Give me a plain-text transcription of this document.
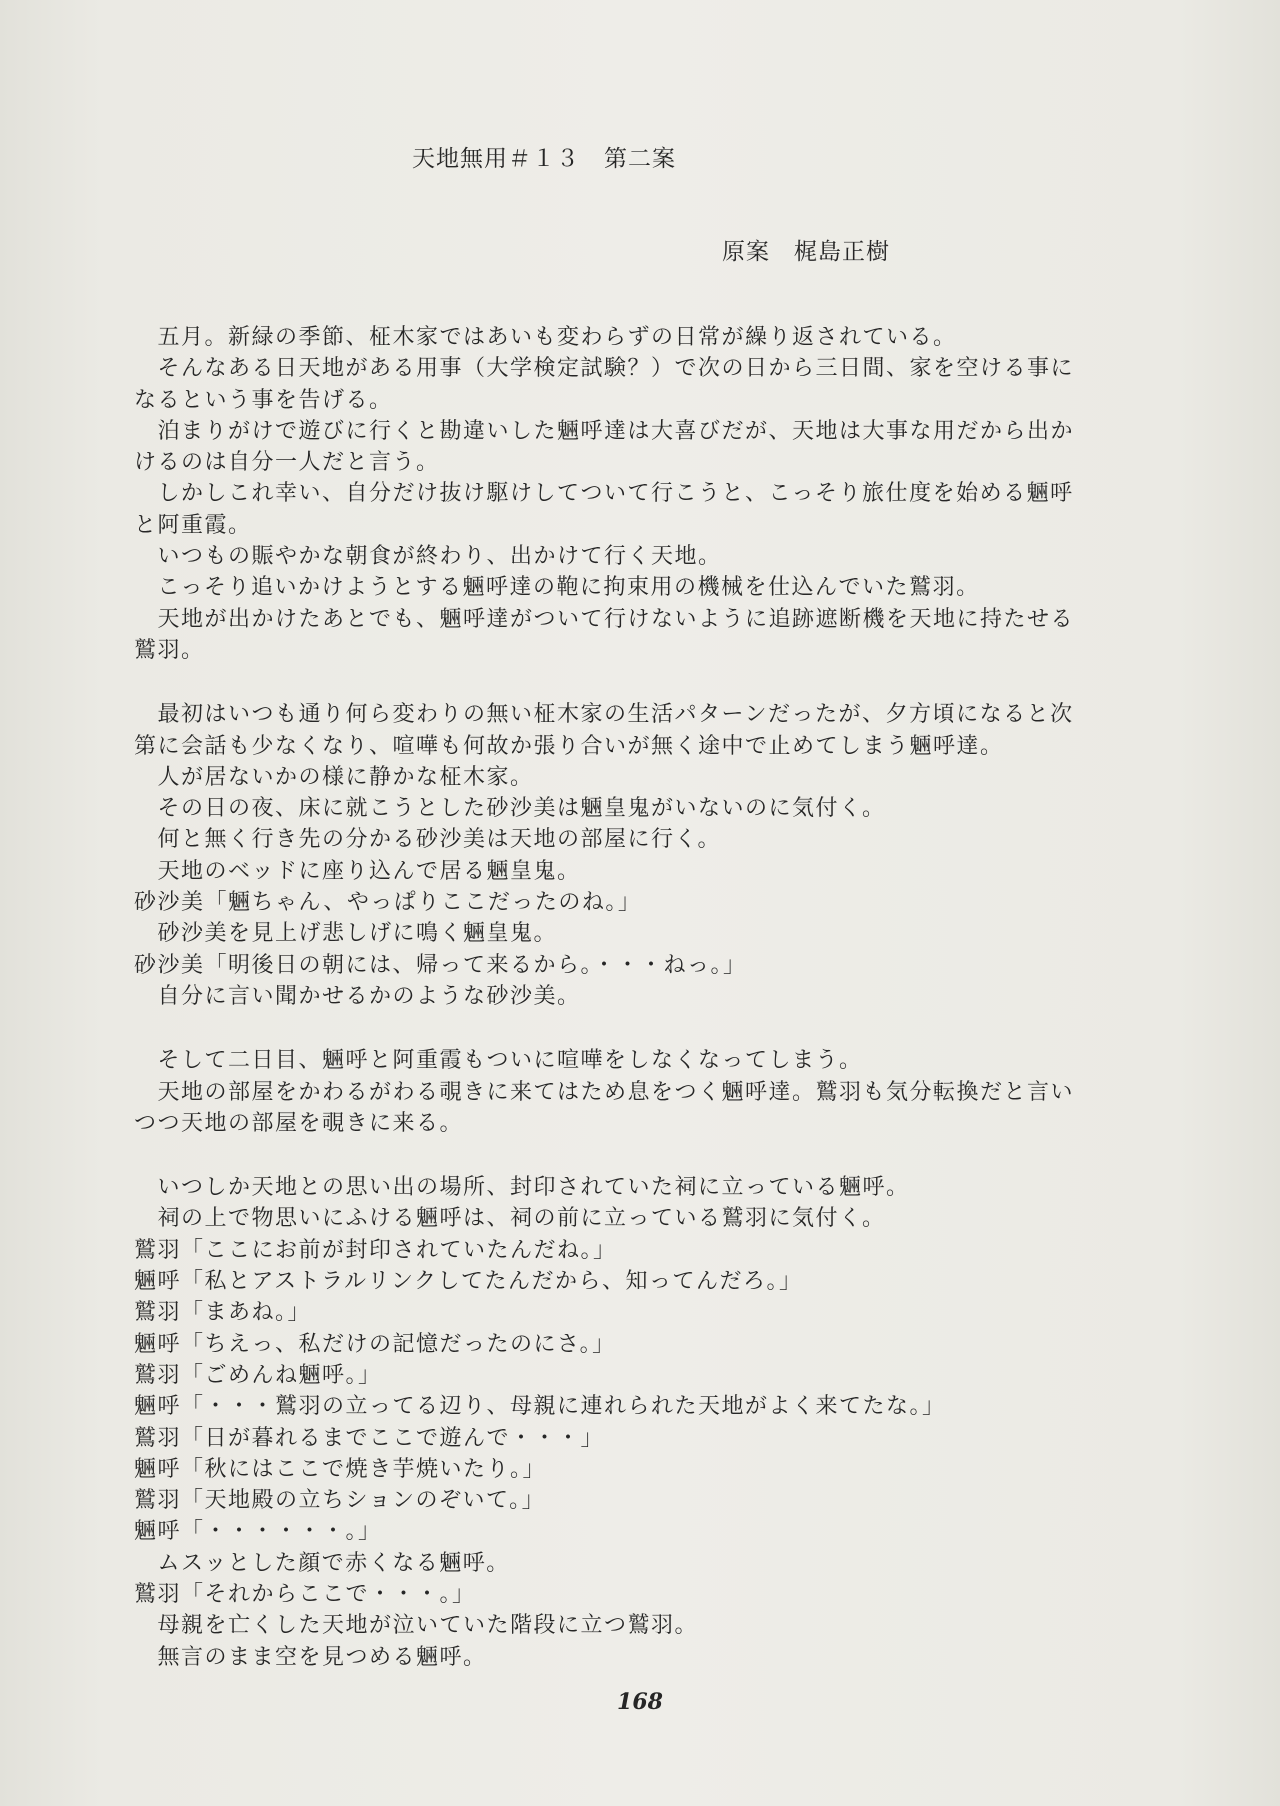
天地無用＃１３　第二案
原案　梶島正樹
　五月。新緑の季節、柾木家ではあいも変わらずの日常が繰り返されている。
　そんなある日天地がある用事（大学検定試験？）で次の日から三日間、家を空ける事に
なるという事を告げる。
　泊まりがけで遊びに行くと勘違いした魎呼達は大喜びだが、天地は大事な用だから出か
けるのは自分一人だと言う。
　しかしこれ幸い、自分だけ抜け駆けしてついて行こうと、こっそり旅仕度を始める魎呼
と阿重霞。
　いつもの賑やかな朝食が終わり、出かけて行く天地。
　こっそり追いかけようとする魎呼達の鞄に拘束用の機械を仕込んでいた鷲羽。
　天地が出かけたあとでも、魎呼達がついて行けないように追跡遮断機を天地に持たせる
鷲羽。
　最初はいつも通り何ら変わりの無い柾木家の生活パターンだったが、夕方頃になると次
第に会話も少なくなり、喧嘩も何故か張り合いが無く途中で止めてしまう魎呼達。
　人が居ないかの様に静かな柾木家。
　その日の夜、床に就こうとした砂沙美は魎皇鬼がいないのに気付く。
　何と無く行き先の分かる砂沙美は天地の部屋に行く。
　天地のベッドに座り込んで居る魎皇鬼。
砂沙美「魎ちゃん、やっぱりここだったのね。」
　砂沙美を見上げ悲しげに鳴く魎皇鬼。
砂沙美「明後日の朝には、帰って来るから。・・・ねっ。」
　自分に言い聞かせるかのような砂沙美。
　そして二日目、魎呼と阿重霞もついに喧嘩をしなくなってしまう。
　天地の部屋をかわるがわる覗きに来てはため息をつく魎呼達。鷲羽も気分転換だと言い
つつ天地の部屋を覗きに来る。
　いつしか天地との思い出の場所、封印されていた祠に立っている魎呼。
　祠の上で物思いにふける魎呼は、祠の前に立っている鷲羽に気付く。
鷲羽「ここにお前が封印されていたんだね。」
魎呼「私とアストラルリンクしてたんだから、知ってんだろ。」
鷲羽「まあね。」
魎呼「ちえっ、私だけの記憶だったのにさ。」
鷲羽「ごめんね魎呼。」
魎呼「・・・鷲羽の立ってる辺り、母親に連れられた天地がよく来てたな。」
鷲羽「日が暮れるまでここで遊んで・・・」
魎呼「秋にはここで焼き芋焼いたり。」
鷲羽「天地殿の立ちションのぞいて。」
魎呼「・・・・・・。」
　ムスッとした顔で赤くなる魎呼。
鷲羽「それからここで・・・。」
　母親を亡くした天地が泣いていた階段に立つ鷲羽。
　無言のまま空を見つめる魎呼。
168
